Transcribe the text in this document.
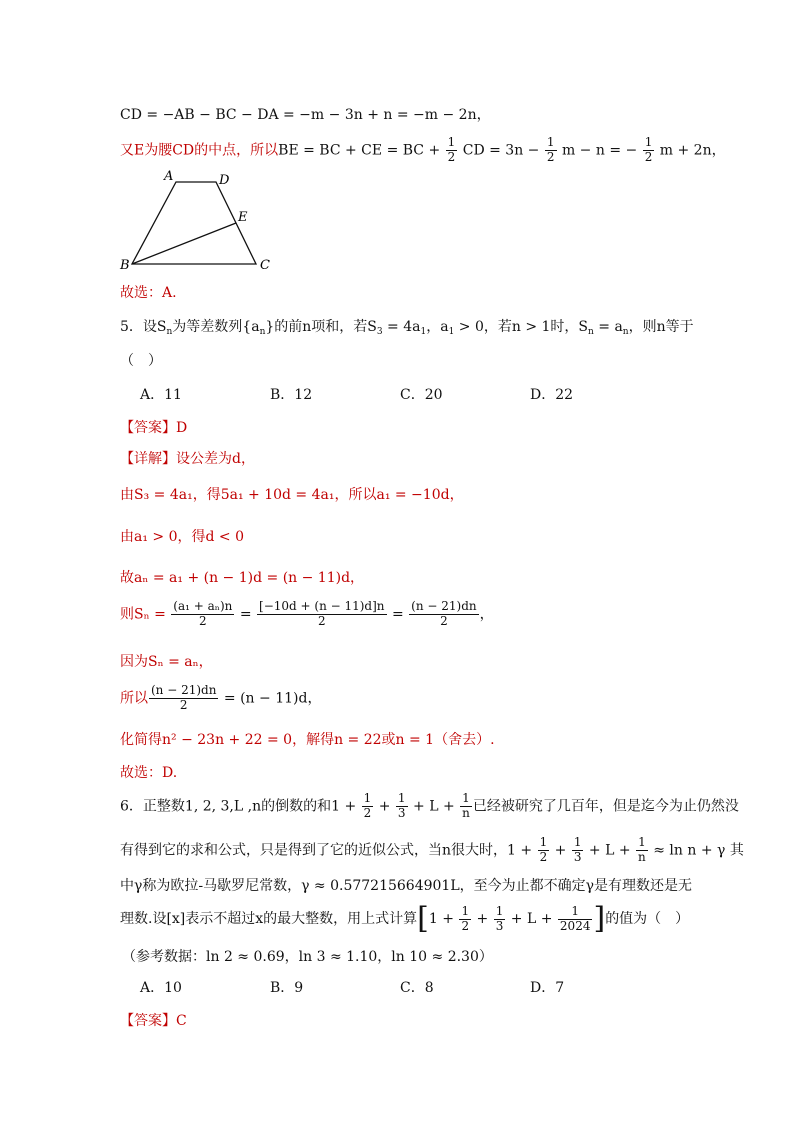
CD = −AB − BC − DA = −m − 3n + n = −m − 2n，
又E为腰CD的中点，所以BE = BC + CE = BC + $\frac{1}{2}$ CD = $3n - \frac{1}{2}$ m − n = − $\frac{1}{2}$ m + 2n，
A	D
E
B	C
故选：A.
5．设$S_n$为等差数列$\{a_n\}$的前n项和，若$S_3 = 4a_1$，$a_1 > 0$，若n > 1时，$S_n = a_n$，则n等于
（　）
A．11	B．12	C．20	D．22
【答案】D
【详解】设公差为d，
由S₃ = 4a₁，得5a₁ + 10d = 4a₁，所以a₁ = −10d，
由a₁ > 0，得d < 0
故aₙ = a₁ + (n − 1)d = (n − 11)d，
则$S_n = \frac{\text{(a₁ + aₙ)n}}{2} = \frac{[-10d + (n - 11)d]n}{2} = \frac{(n - 21)dn}{2}$ ，
因为Sₙ = aₙ，
所以 $\frac{(n - 21)dn}{2} = (n - 11)d$，
化简得n² − 23n + 22 = 0，解得n = 22或n = 1（舍去）.
故选：D.
6．正整数1, 2, 3,L ,n的倒数的和$1 + \frac{1}{2} + \frac{1}{3} + L + \frac{1}{n}$ 已经被研究了几百年，但是迄今为止仍然没
有得到它的求和公式，只是得到了它的近似公式，当n很大时，$1 + \frac{1}{2} + \frac{1}{3} + L + \frac{1}{n} \approx \ln n + \gamma$ 其
中γ称为欧拉-马歇罗尼常数，γ ≈ 0.577215664901L，至今为止都不确定γ是有理数还是无
理数.设[x]表示不超过x的最大整数，用上式计算[$1 + \frac{1}{2} + \frac{1}{3} + L + \frac{1}{2024}$ ]的值为（　）
（参考数据：ln 2 ≈ 0.69，ln 3 ≈ 1.10，ln 10 ≈ 2.30）
A．10	B．9	C．8	D．7
【答案】C
